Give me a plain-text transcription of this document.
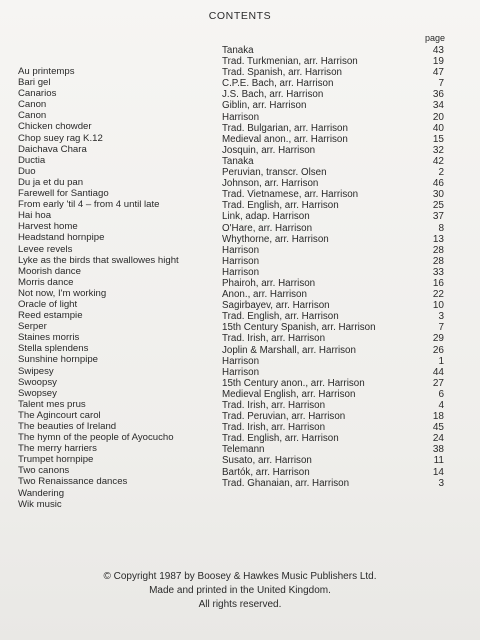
CONTENTS
page
Au printemps
Bari gel
Canarios
Canon
Canon
Chicken chowder
Chop suey rag K.12
Daichava Chara
Ductia
Duo
Du ja et du pan
Farewell for Santiago
From early 'til 4 – from 4 until late
Hai hoa
Harvest home
Headstand hornpipe
Levee revels
Lyke as the birds that swallowes hight
Moorish dance
Morris dance
Not now, I'm working
Oracle of light
Reed estampie
Serper
Staines morris
Stella splendens
Sunshine hornpipe
Swipesy
Swoopsy
Swopsey
Talent mes prus
The Agincourt carol
The beauties of Ireland
The hymn of the people of Ayocucho
The merry harriers
Trumpet hornpipe
Two canons
Two Renaissance dances
Wandering
Wik music
Tanaka
Trad. Turkmenian, arr. Harrison
Trad. Spanish, arr. Harrison
C.P.E. Bach, arr. Harrison
J.S. Bach, arr. Harrison
Giblin, arr. Harrison
Harrison
Trad. Bulgarian, arr. Harrison
Medieval anon., arr. Harrison
Josquin, arr. Harrison
Tanaka
Peruvian, transcr. Olsen
Johnson, arr. Harrison
Trad. Vietnamese, arr. Harrison
Trad. English, arr. Harrison
Link, adap. Harrison
O'Hare, arr. Harrison
Whythorne, arr. Harrison
Harrison
Harrison
Harrison
Phairoh, arr. Harrison
Anon., arr. Harrison
Sagirbayev, arr. Harrison
Trad. English, arr. Harrison
15th Century Spanish, arr. Harrison
Trad. Irish, arr. Harrison
Joplin & Marshall, arr. Harrison
Harrison
Harrison
15th Century anon., arr. Harrison
Medieval English, arr. Harrison
Trad. Irish, arr. Harrison
Trad. Peruvian, arr. Harrison
Trad. Irish, arr. Harrison
Trad. English, arr. Harrison
Telemann
Susato, arr. Harrison
Bartók, arr. Harrison
Trad. Ghanaian, arr. Harrison
43
19
47
7
36
34
20
40
15
32
42
2
46
30
25
37
8
13
28
28
33
16
22
10
3
7
29
26
1
44
27
6
4
18
45
24
38
11
14
3
© Copyright 1987 by Boosey & Hawkes Music Publishers Ltd.
Made and printed in the United Kingdom.
All rights reserved.
